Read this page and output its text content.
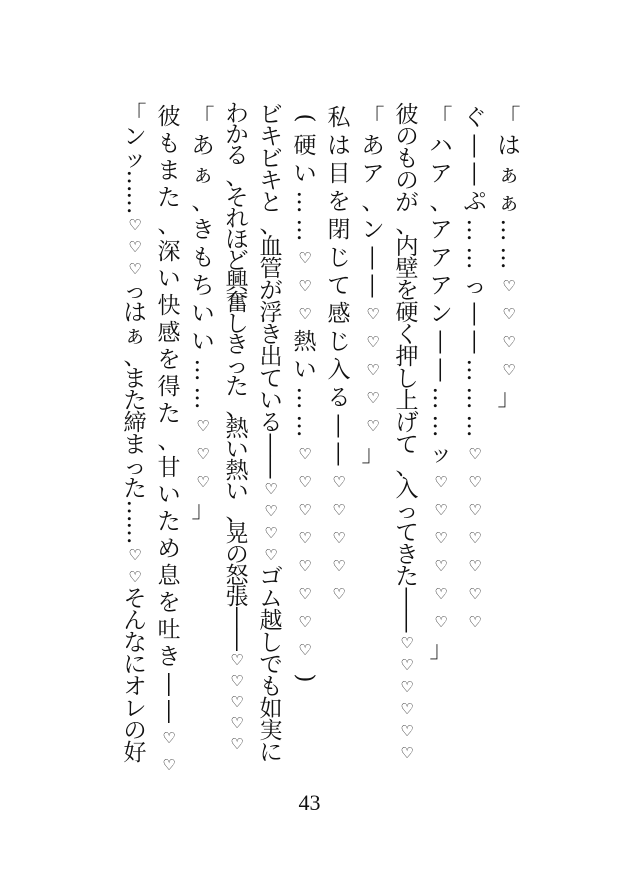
「
は
ぁ
ぁ
…
…
♡
♡
♡
♡
」
ぐ
―
―
ぷ
…
…
っ
―
―
…
…
…
♡
♡
♡
♡
♡
♡
♡
「
ハ
ア
、
ア
ア
ア
ン
―
―
…
…
ッ
♡
♡
♡
♡
♡
♡
」
彼
の
も
の
が
、
内
壁
を
硬
く
押
し
上
げ
て
、
入
っ
て
き
た
―
―
♡
♡
♡
♡
♡
♡
「
あ
ア
、
ン
―
―
♡
♡
♡
♡
♡
」
私
は
目
を
閉
じ
て
感
じ
入
る
―
―
♡
♡
♡
♡
♡
(
硬
い
…
…
♡
♡
♡
熱
い
…
…
♡
♡
♡
♡
♡
♡
♡
♡
)
ビ
キ
ビ
キ
と
、
血
管
が
浮
き
出
て
い
る
―
―
♡
♡
♡
♡
ゴ
ム
越
し
で
も
如
実
に
わ
か
る
、
そ
れ
ほ
ど
興
奮
し
き
っ
た
、
熱
い
熱
い
、
晃
の
怒
張
―
―
♡
♡
♡
♡
♡
「
あ
ぁ
、
き
も
ち
い
い
…
…
♡
♡
♡
」
彼
も
ま
た
、
深
い
快
感
を
得
た
、
甘
い
た
め
息
を
吐
き
―
―
♡
♡
「
ン
ッ
…
…
♡
♡
♡
っ
は
ぁ
、
ま
た
締
ま
っ
た
…
…
♡
♡
そ
ん
な
に
オ
レ
の
好
43
